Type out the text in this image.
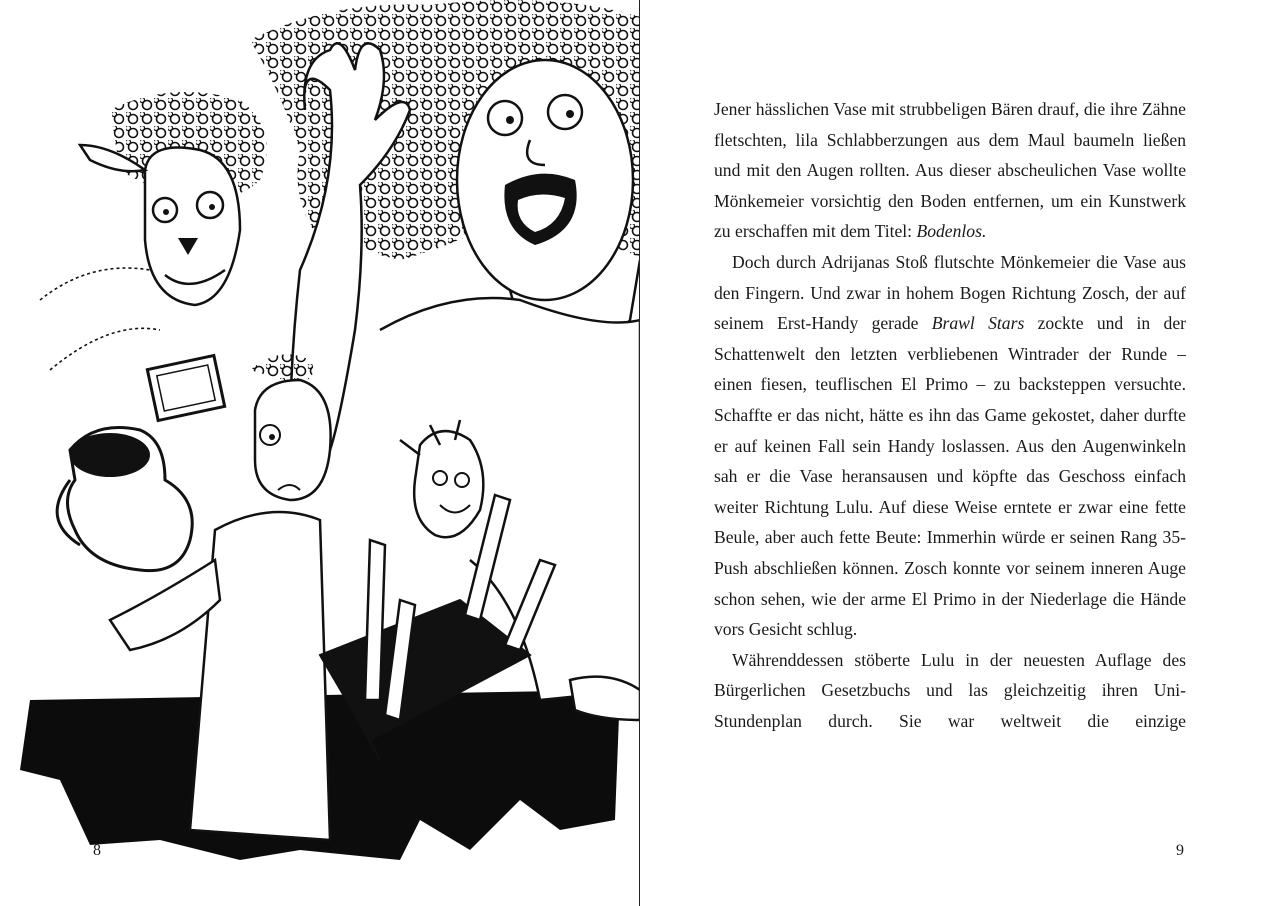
8

Jener hässlichen Vase mit strubbeligen Bären drauf, die ihre Zähne fletschten, lila Schlabberzungen aus dem Maul baumeln ließen und mit den Augen rollten. Aus dieser abscheulichen Vase wollte Mönkemeier vorsichtig den Boden entfernen, um ein Kunstwerk zu erschaffen mit dem Titel: Bodenlos.

Doch durch Adrijanas Stoß flutschte Mönkemeier die Vase aus den Fingern. Und zwar in hohem Bogen Richtung Zosch, der auf seinem Erst-Handy gerade Brawl Stars zockte und in der Schattenwelt den letzten verbliebenen Wintrader der Runde – einen fiesen, teuflischen El Primo – zu backsteppen versuchte. Schaffte er das nicht, hätte es ihn das Game gekostet, daher durfte er auf keinen Fall sein Handy loslassen. Aus den Augenwinkeln sah er die Vase heransausen und köpfte das Geschoss einfach weiter Richtung Lulu. Auf diese Weise erntete er zwar eine fette Beule, aber auch fette Beute: Immerhin würde er seinen Rang 35-Push abschließen können. Zosch konnte vor seinem inneren Auge schon sehen, wie der arme El Primo in der Niederlage die Hände vors Gesicht schlug.

Währenddessen stöberte Lulu in der neuesten Auflage des Bürgerlichen Gesetzbuchs und las gleichzeitig ihren Uni-Stundenplan durch. Sie war weltweit die einzige

9
